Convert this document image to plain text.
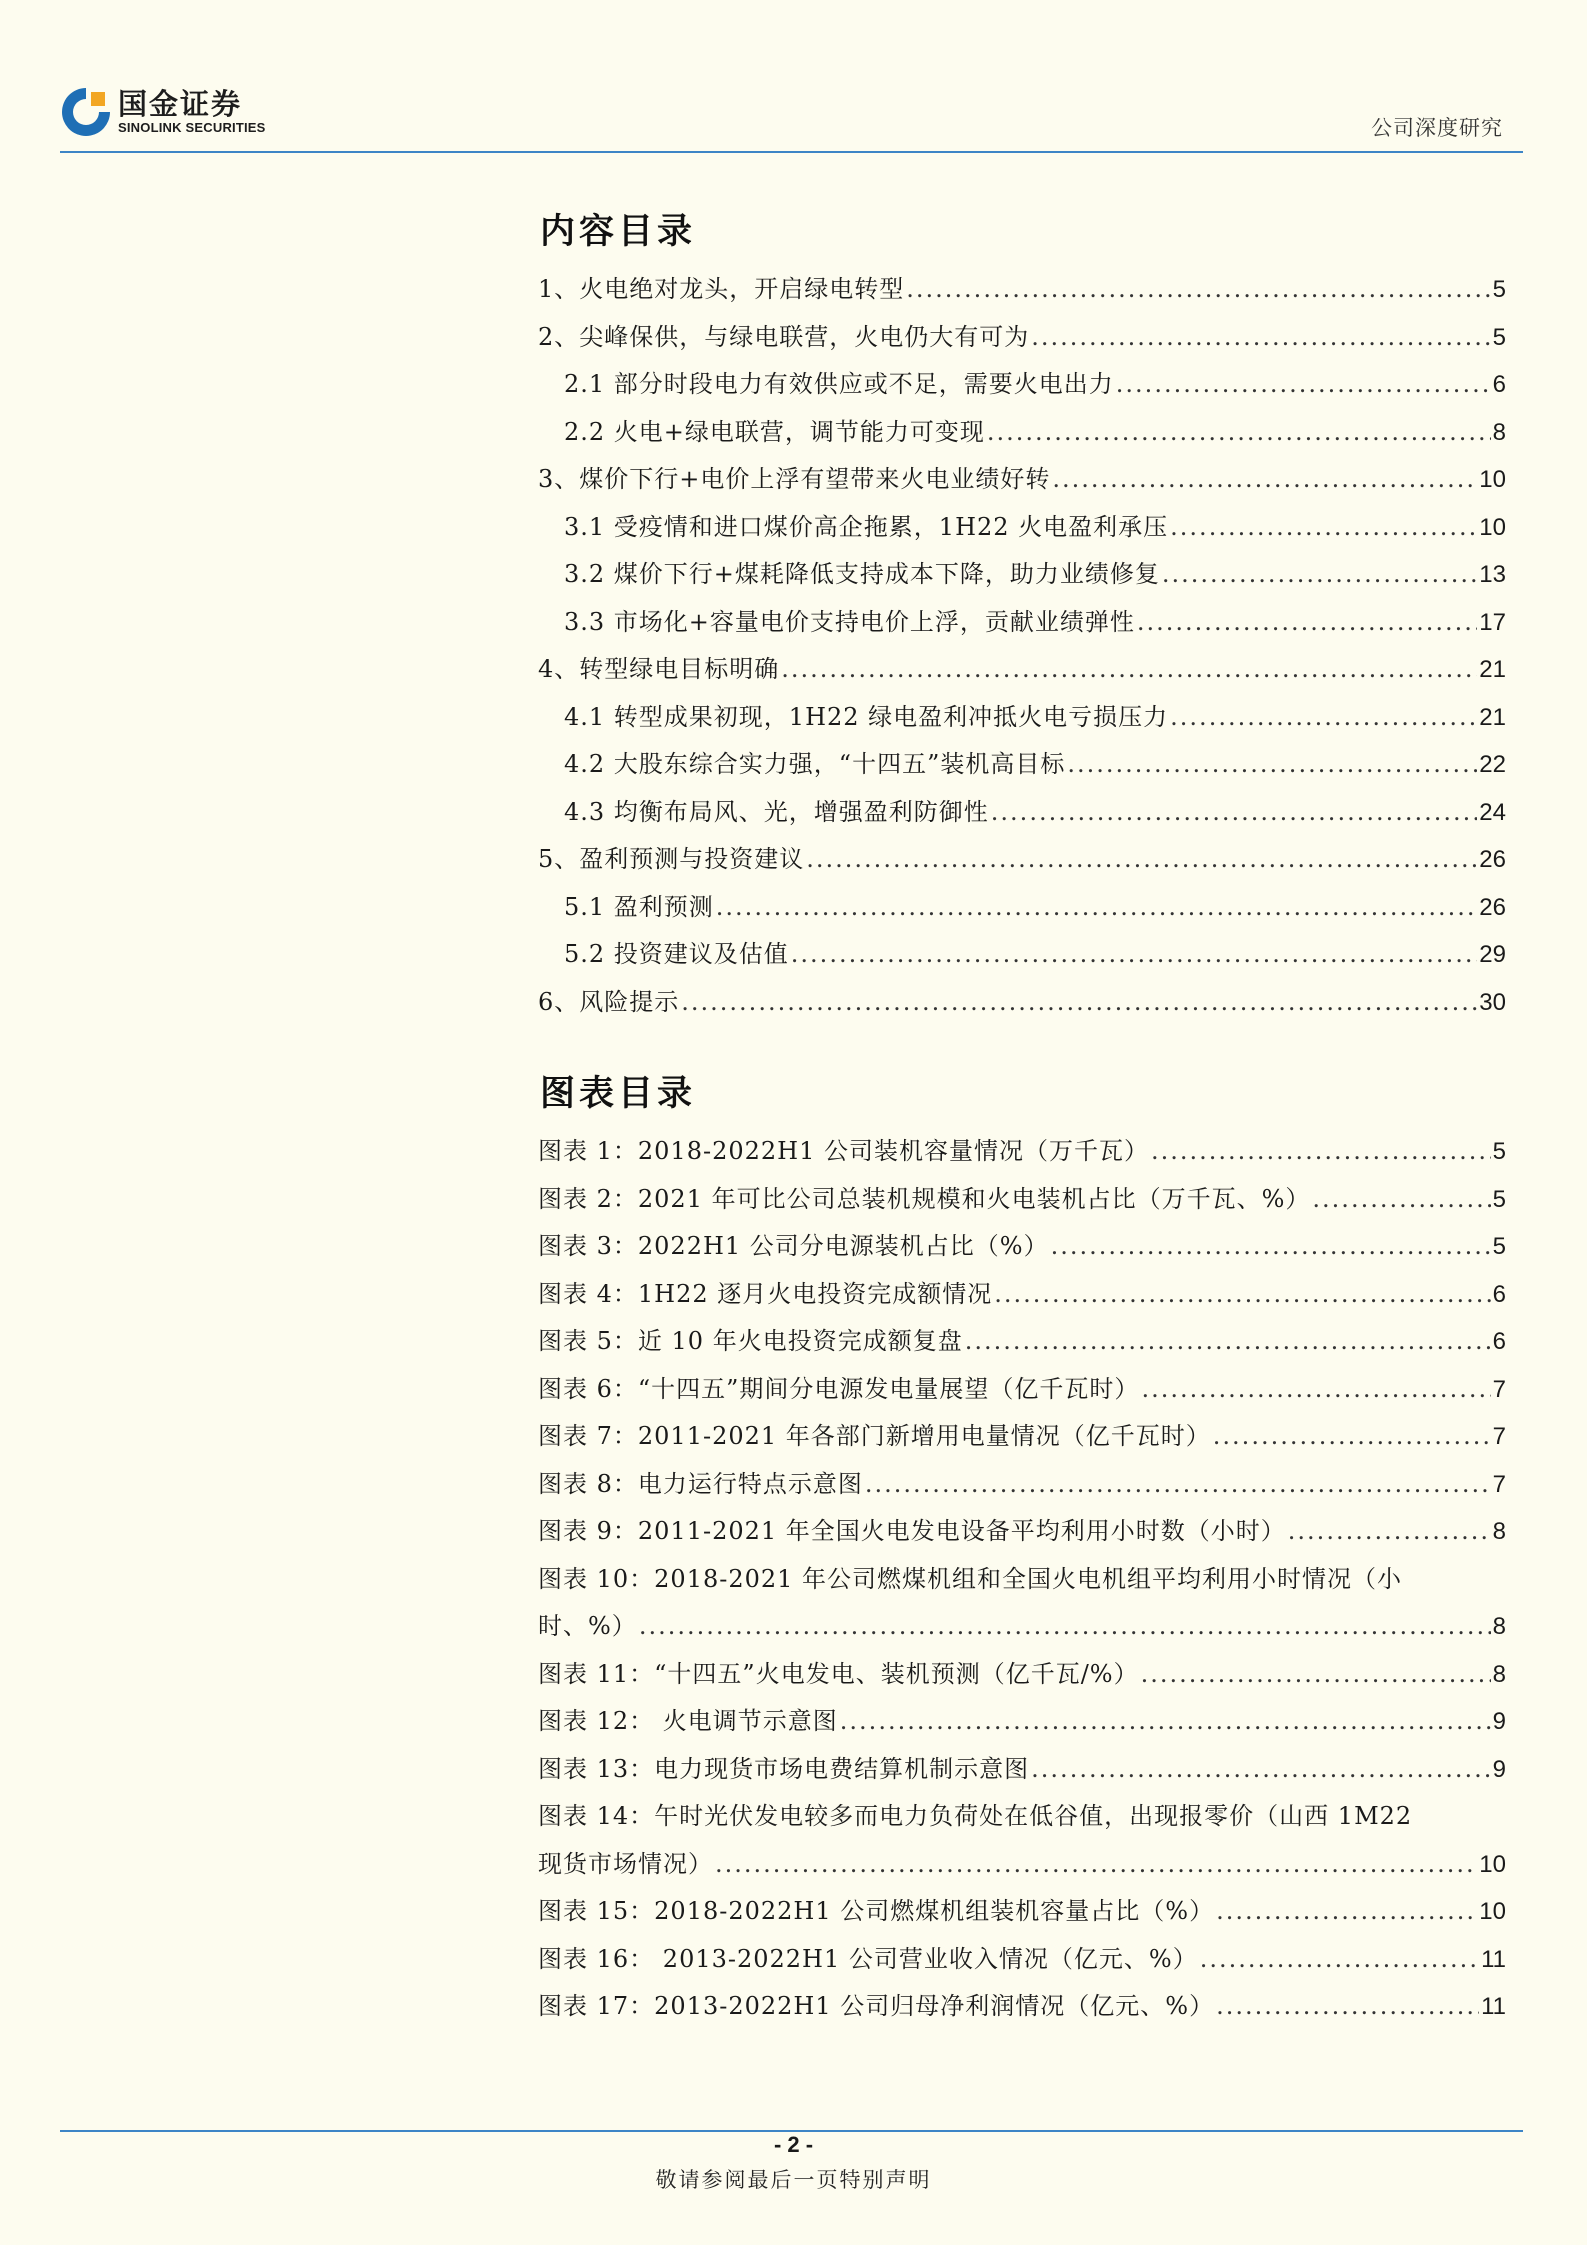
国金证券
SINOLINK SECURITIES	公司深度研究
内容目录
1、火电绝对龙头，开启绿电转型 .....	5
2、尖峰保供，与绿电联营，火电仍大有可为 .....	5
2.1 部分时段电力有效供应或不足，需要火电出力 .....	6
2.2 火电+绿电联营，调节能力可变现 .....	8
3、煤价下行+电价上浮有望带来火电业绩好转 .....	10
3.1 受疫情和进口煤价高企拖累，1H22 火电盈利承压 .....	10
3.2 煤价下行+煤耗降低支持成本下降，助力业绩修复 .....	13
3.3 市场化+容量电价支持电价上浮，贡献业绩弹性 .....	17
4、转型绿电目标明确 .....	21
4.1 转型成果初现，1H22 绿电盈利冲抵火电亏损压力 .....	21
4.2 大股东综合实力强，“十四五”装机高目标 .....	22
4.3 均衡布局风、光，增强盈利防御性 .....	24
5、盈利预测与投资建议 .....	26
5.1 盈利预测 .....	26
5.2 投资建议及估值 .....	29
6、风险提示 .....	30
图表目录
图表 1：2018-2022H1 公司装机容量情况（万千瓦） .....	5
图表 2：2021 年可比公司总装机规模和火电装机占比（万千瓦、%） .....	5
图表 3：2022H1 公司分电源装机占比（%） .....	5
图表 4：1H22 逐月火电投资完成额情况 .....	6
图表 5：近 10 年火电投资完成额复盘 .....	6
图表 6：“十四五”期间分电源发电量展望（亿千瓦时） .....	7
图表 7：2011-2021 年各部门新增用电量情况（亿千瓦时） .....	7
图表 8：电力运行特点示意图 .....	7
图表 9：2011-2021 年全国火电发电设备平均利用小时数（小时） .....	8
图表 10：2018-2021 年公司燃煤机组和全国火电机组平均利用小时情况（小
时、%） .....	8
图表 11：“十四五”火电发电、装机预测（亿千瓦/%） .....	8
图表 12： 火电调节示意图 .....	9
图表 13：电力现货市场电费结算机制示意图 .....	9
图表 14：午时光伏发电较多而电力负荷处在低谷值，出现报零价（山西 1M22
现货市场情况） .....	10
图表 15：2018-2022H1 公司燃煤机组装机容量占比（%） .....	10
图表 16： 2013-2022H1 公司营业收入情况（亿元、%） .....	11
图表 17：2013-2022H1 公司归母净利润情况（亿元、%） .....	11
- 2 -
敬请参阅最后一页特别声明
